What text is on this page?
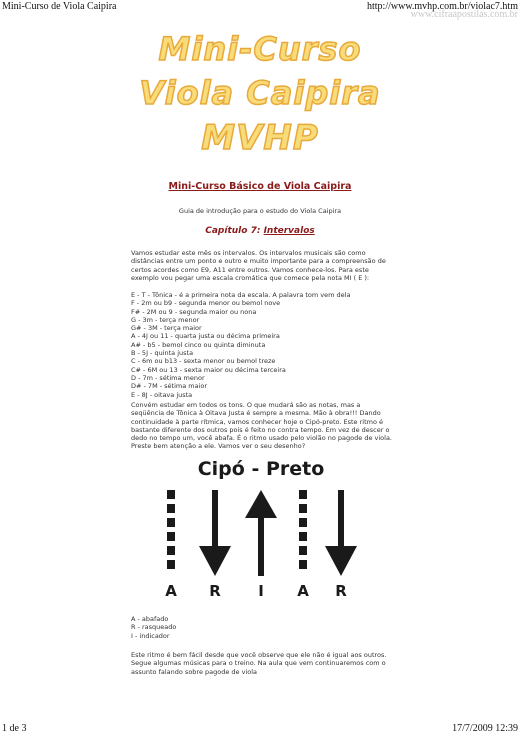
Mini-Curso de Viola Caipira	http://www.mvhp.com.br/violac7.htm
www.cifraapostilas.com.br
Mini-Curso
Viola Caipira
MVHP
Mini-Curso Básico de Viola Caipira
Guia de introdução para o estudo do Viola Caipira
Capítulo 7: Intervalos
Vamos estudar este mês os intervalos. Os intervalos musicais são como distâncias entre um ponto e outro e muito importante para a compreensão de certos acordes como E9, A11 entre outros. Vamos conhece-los. Para este exemplo vou pegar uma escala cromática que comece pela nota MI ( E ):
E - T - Tônica - é a primeira nota da escala. A palavra tom vem dela
F - 2m ou b9 - segunda menor ou bemol nove
F# - 2M ou 9 - segunda maior ou nona
G - 3m - terça menor
G# - 3M - terça maior
A - 4J ou 11 - quarta justa ou décima primeira
A# - b5 - bemol cinco ou quinta diminuta
B - 5J - quinta justa
C - 6m ou b13 - sexta menor ou bemol treze
C# - 6M ou 13 - sexta maior ou décima terceira
D - 7m - sétima menor
D# - 7M - sétima maior
E - 8J - oitava justa
Convém estudar em todos os tons. O que mudará são as notas, mas a seqüência de Tônica à Oitava Justa é sempre a mesma. Mão à obra!!! Dando continuidade à parte rítmica, vamos conhecer hoje o Cipó-preto. Este ritmo é bastante diferente dos outros pois é feito no contra tempo. Em vez de descer o dedo no tempo um, você abafa. É o ritmo usado pelo violão no pagode de viola. Preste bem atenção a ele. Vamos ver o seu desenho?
Cipó - Preto
A R	I	A R
A - abafado
R - rasqueado
I - indicador
Este ritmo é bem fácil desde que você observe que ele não é igual aos outros. Segue algumas músicas para o treino. Na aula que vem continuaremos com o assunto falando sobre pagode de viola
1 de 3	17/7/2009 12:39
